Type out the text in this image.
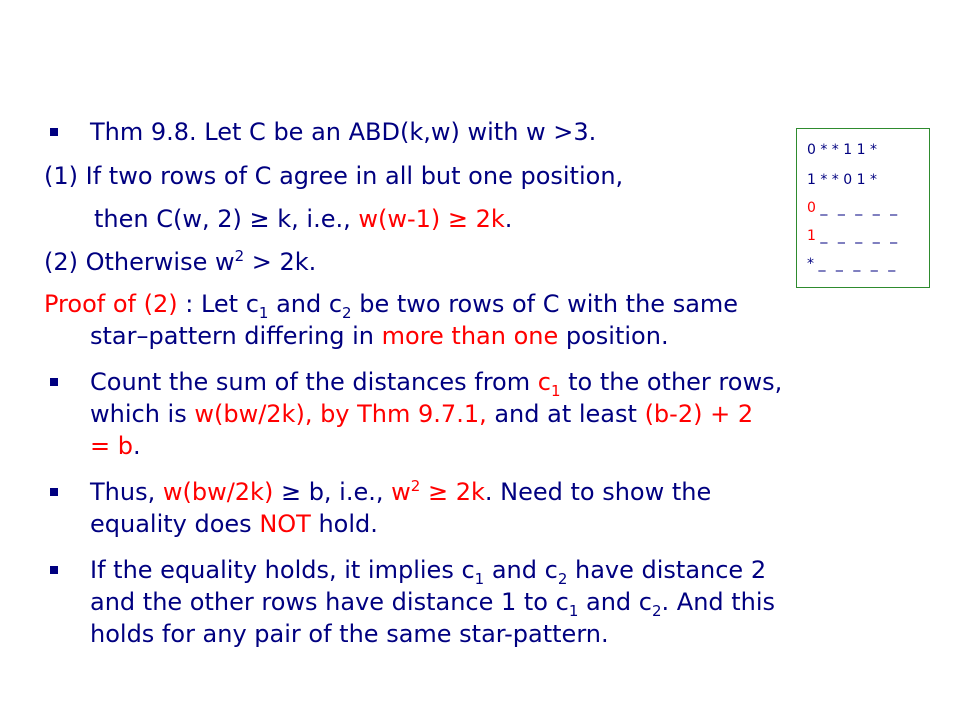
Thm 9.8. Let C be an ABD(k,w) with w >3.
(1) If two rows of C agree in all but one position,
then C(w, 2) ≥ k, i.e., w(w-1) ≥ 2k.
(2) Otherwise $w^2 > 2k$.
Proof of (2) : Let $c_1$ and $c_2$ be two rows of C with the same
star–pattern differing in more than one position.
Count the sum of the distances from $c_1$ to the other rows,
which is w(bw/2k), by Thm 9.7.1, and at least (b-2) + 2
= b.
Thus, w(bw/2k) ≥ b, i.e., $w^2 \ge 2k$. Need to show the
equality does NOT hold.
If the equality holds, it implies $c_1$ and $c_2$ have distance 2
and the other rows have distance 1 to $c_1$ and $c_2$. And this
holds for any pair of the same star-pattern.
0 * * 1 1 *
1 * * 0 1 *
0 _ _ _ _ _
1 _ _ _ _ _
* _ _ _ _ _
